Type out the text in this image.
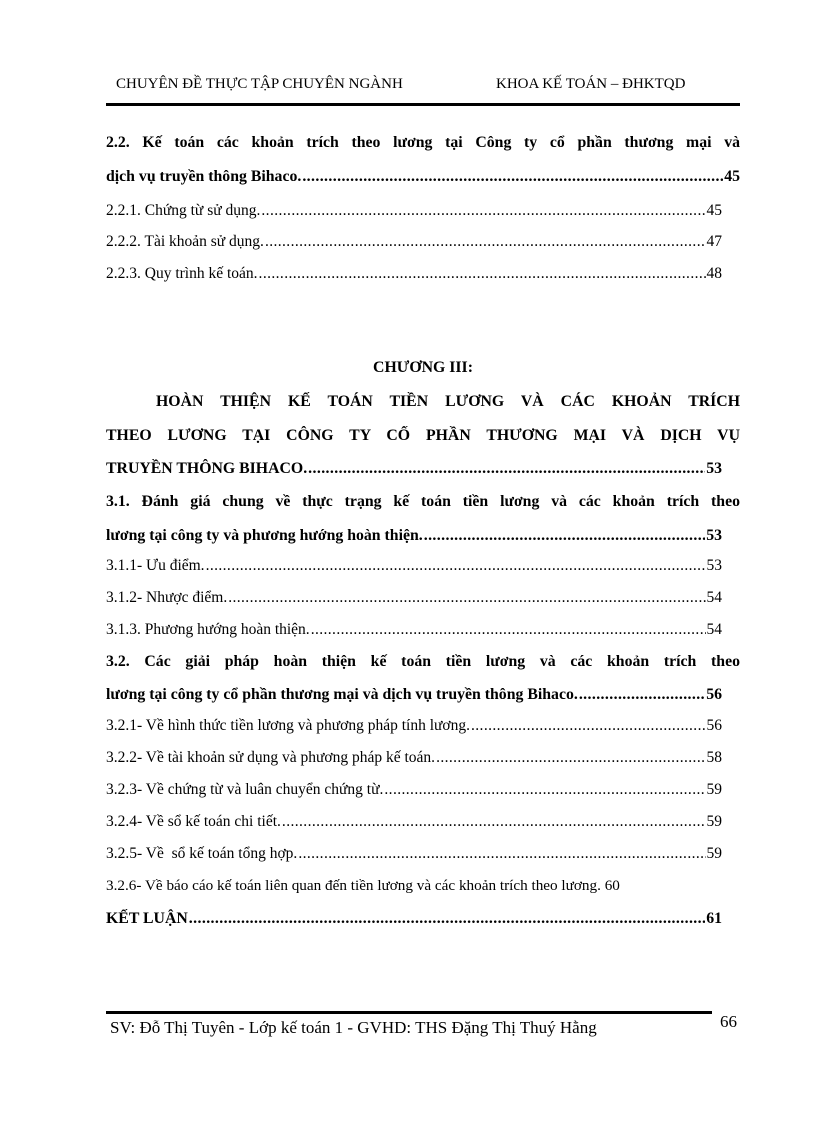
CHUYÊN ĐỀ THỰC TẬP CHUYÊN NGÀNH	KHOA KẾ TOÁN – ĐHKTQD
2.2. Kế toán các khoản trích theo lương tại Công ty cổ phần thương mại và
dịch vụ truyền thông Bihaco. .....	45
2.2.1. Chứng từ sử dụng. .....	45
2.2.2. Tài khoản sử dụng. .....	47
2.2.3. Quy trình kế toán. .....	48
CHƯƠNG III:
HOÀN THIỆN KẾ TOÁN TIỀN LƯƠNG VÀ CÁC KHOẢN TRÍCH
THEO LƯƠNG TẠI CÔNG TY CỔ PHẦN THƯƠNG MẠI VÀ DỊCH VỤ
TRUYỀN THÔNG BIHACO. .....	53
3.1. Đánh giá chung về thực trạng kế toán tiền lương và các khoản trích theo
lương tại công ty và phương hướng hoàn thiện. .....	53
3.1.1- Ưu điểm. .....	53
3.1.2- Nhược điểm. .....	54
3.1.3. Phương hướng hoàn thiện. .....	54
3.2. Các giải pháp hoàn thiện kế toán tiền lương và các khoản trích theo
lương tại công ty cổ phần thương mại và dịch vụ truyền thông Bihaco. .....	56
3.2.1- Về hình thức tiền lương và phương pháp tính lương. .....	56
3.2.2- Về tài khoản sử dụng và phương pháp kế toán. .....	58
3.2.3- Về chứng từ và luân chuyển chứng từ. .....	59
3.2.4- Về sổ kế toán chi tiết. .....	59
3.2.5- Về  sổ kế toán tổng hợp. .....	59
3.2.6- Về báo cáo kế toán liên quan đến tiền lương và các khoản trích theo lương. 60
KẾT LUẬN .....	61
SV: Đỗ Thị Tuyên - Lớp kế toán 1 - GVHD: THS Đặng Thị Thuý Hằng	66
